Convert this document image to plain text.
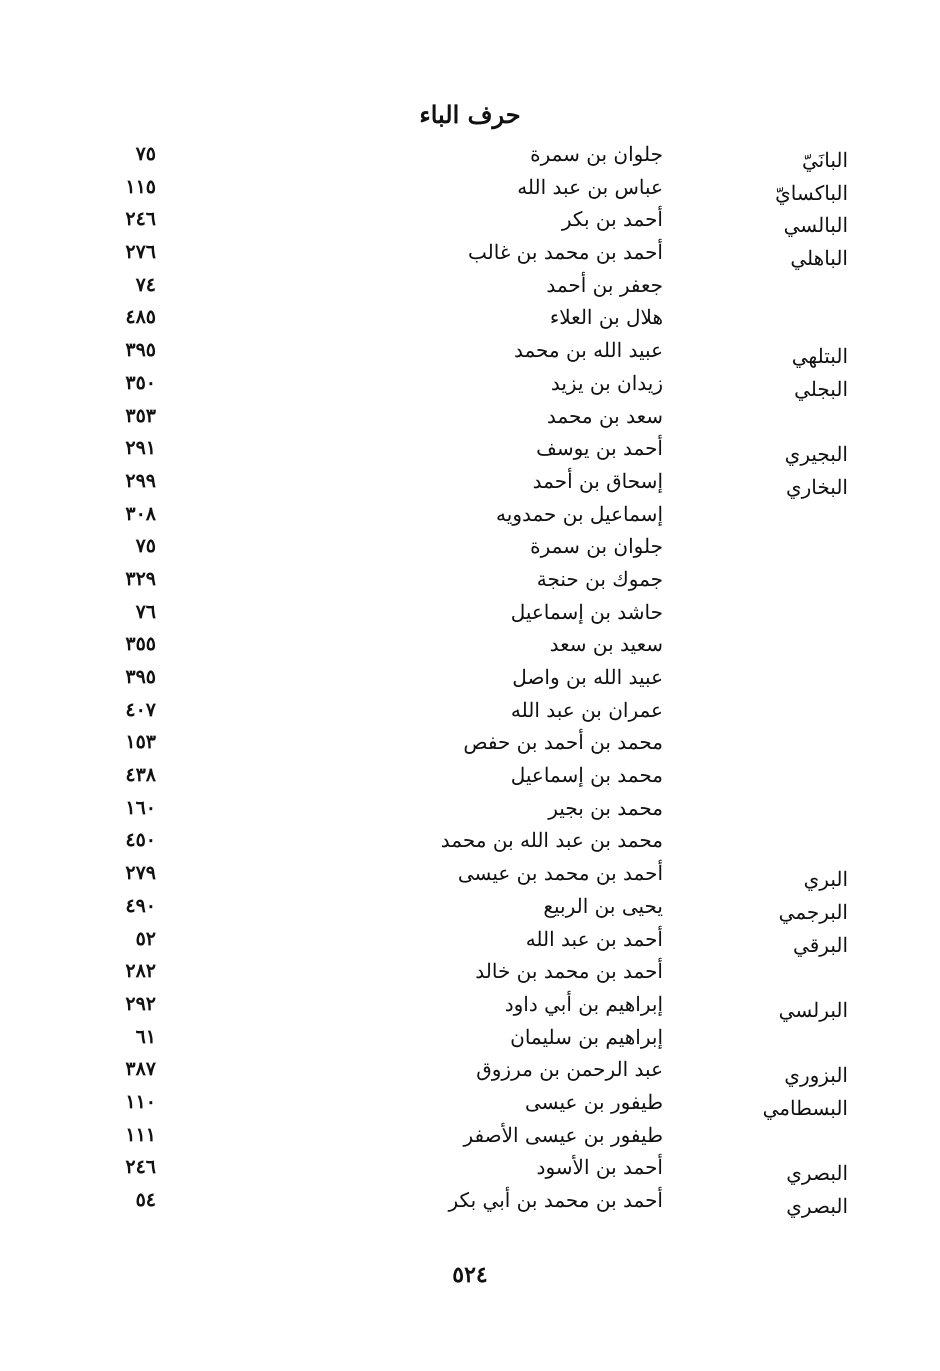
حرف الباء
البانَيّ
جلوان بن سمرة
٧٥
الباكسايّ
عباس بن عبد الله
١١٥
البالسي
أحمد بن بكر
٢٤٦
الباهلي
أحمد بن محمد بن غالب
٢٧٦
جعفر بن أحمد
٧٤
هلال بن العلاء
٤٨٥
البتلهي
عبيد الله بن محمد
٣٩٥
البجلي
زيدان بن يزيد
٣٥٠
سعد بن محمد
٣٥٣
البجيري
أحمد بن يوسف
٢٩١
البخاري
إسحاق بن أحمد
٢٩٩
إسماعيل بن حمدويه
٣٠٨
جلوان بن سمرة
٧٥
جموك بن حنجة
٣٢٩
حاشد بن إسماعيل
٧٦
سعيد بن سعد
٣٥٥
عبيد الله بن واصل
٣٩٥
عمران بن عبد الله
٤٠٧
محمد بن أحمد بن حفص
١٥٣
محمد بن إسماعيل
٤٣٨
محمد بن بجير
١٦٠
محمد بن عبد الله بن محمد
٤٥٠
البري
أحمد بن محمد بن عيسى
٢٧٩
البرجمي
يحيى بن الربيع
٤٩٠
البرقي
أحمد بن عبد الله
٥٢
أحمد بن محمد بن خالد
٢٨٢
البرلسي
إبراهيم بن أبي داود
٢٩٢
إبراهيم بن سليمان
٦١
البزوري
عبد الرحمن بن مرزوق
٣٨٧
البسطامي
طيفور بن عيسى
١١٠
طيفور بن عيسى الأصفر
١١١
البصري
أحمد بن الأسود
٢٤٦
البصري
أحمد بن محمد بن أبي بكر
٥٤
٥٢٤
